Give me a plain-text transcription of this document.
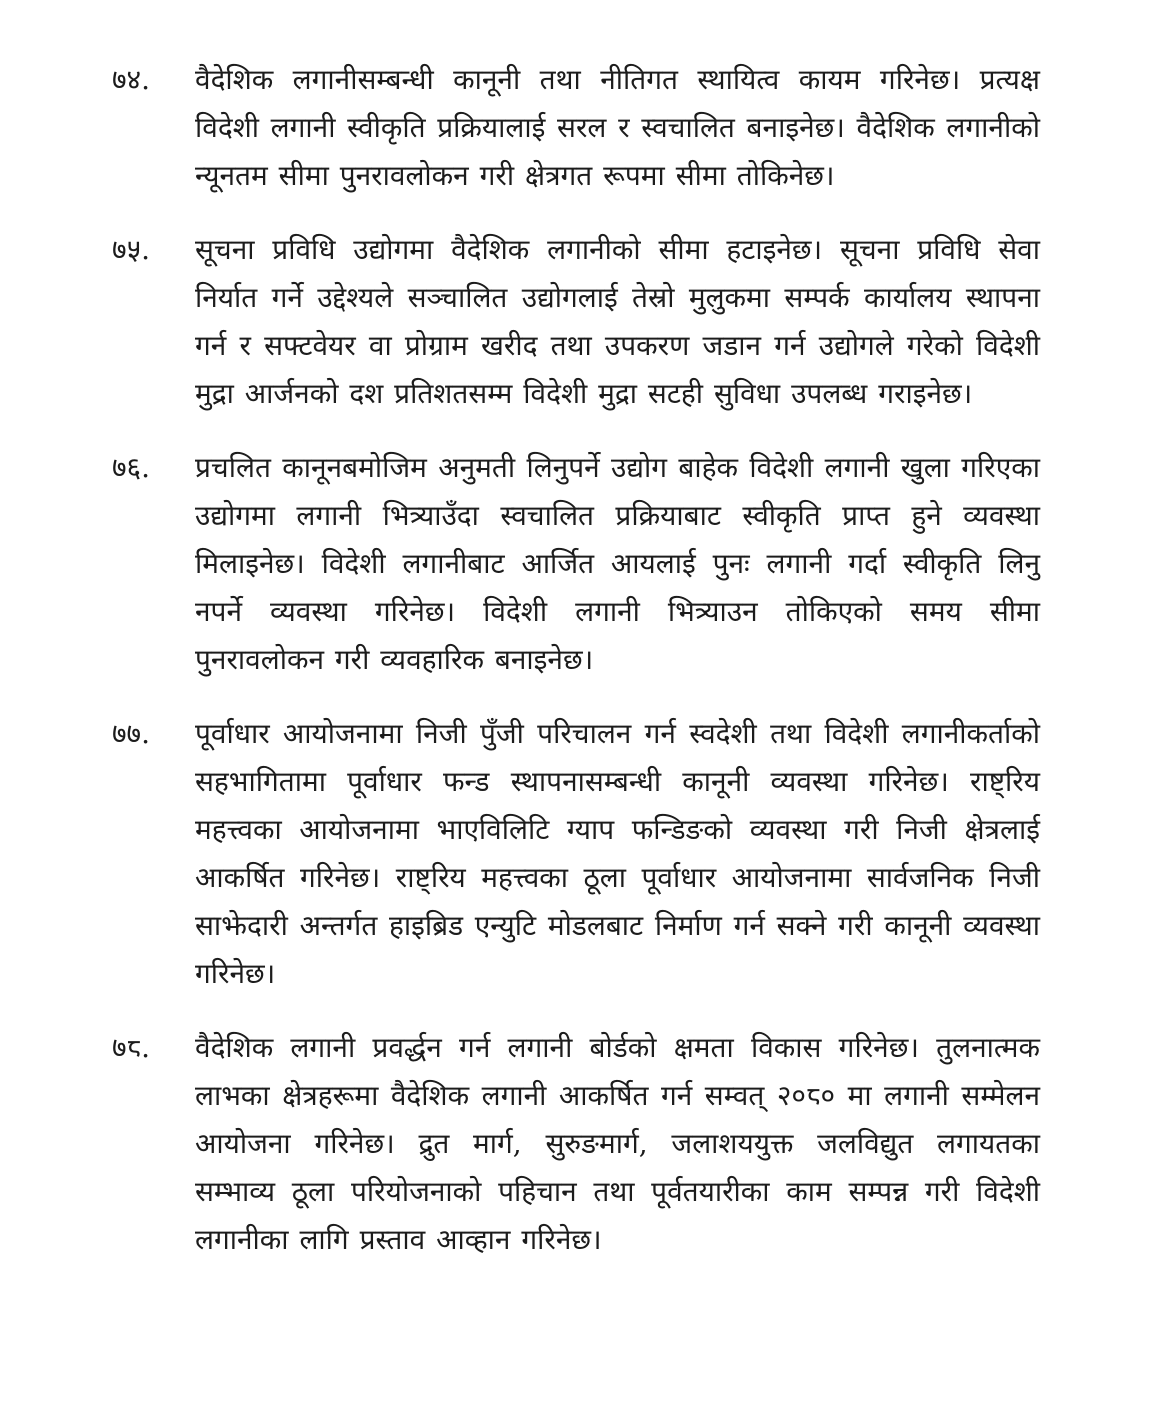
७४.	वैदेशिक लगानीसम्बन्धी कानूनी तथा नीतिगत स्थायित्व कायम गरिनेछ। प्रत्यक्ष विदेशी लगानी स्वीकृति प्रक्रियालाई सरल र स्वचालित बनाइनेछ। वैदेशिक लगानीको न्यूनतम सीमा पुनरावलोकन गरी क्षेत्रगत रूपमा सीमा तोकिनेछ।
७५.	सूचना प्रविधि उद्योगमा वैदेशिक लगानीको सीमा हटाइनेछ। सूचना प्रविधि सेवा निर्यात गर्ने उद्देश्यले सञ्चालित उद्योगलाई तेस्रो मुलुकमा सम्पर्क कार्यालय स्थापना गर्न र सफ्टवेयर वा प्रोग्राम खरीद तथा उपकरण जडान गर्न उद्योगले गरेको विदेशी मुद्रा आर्जनको दश प्रतिशतसम्म विदेशी मुद्रा सटही सुविधा उपलब्ध गराइनेछ।
७६.	प्रचलित कानूनबमोजिम अनुमती लिनुपर्ने उद्योग बाहेक विदेशी लगानी खुला गरिएका उद्योगमा लगानी भित्र्याउँदा स्वचालित प्रक्रियाबाट स्वीकृति प्राप्त हुने व्यवस्था मिलाइनेछ। विदेशी लगानीबाट आर्जित आयलाई पुनः लगानी गर्दा स्वीकृति लिनु नपर्ने व्यवस्था गरिनेछ। विदेशी लगानी भित्र्याउन तोकिएको समय सीमा पुनरावलोकन गरी व्यवहारिक बनाइनेछ।
७७.	पूर्वाधार आयोजनामा निजी पुँजी परिचालन गर्न स्वदेशी तथा विदेशी लगानीकर्ताको सहभागितामा पूर्वाधार फन्ड स्थापनासम्बन्धी कानूनी व्यवस्था गरिनेछ। राष्ट्रिय महत्त्वका आयोजनामा भाएविलिटि ग्याप फन्डिङको व्यवस्था गरी निजी क्षेत्रलाई आकर्षित गरिनेछ। राष्ट्रिय महत्त्वका ठूला पूर्वाधार आयोजनामा सार्वजनिक निजी साझेदारी अन्तर्गत हाइब्रिड एन्युटि मोडलबाट निर्माण गर्न सक्ने गरी कानूनी व्यवस्था गरिनेछ।
७८.	वैदेशिक लगानी प्रवर्द्धन गर्न लगानी बोर्डको क्षमता विकास गरिनेछ। तुलनात्मक लाभका क्षेत्रहरूमा वैदेशिक लगानी आकर्षित गर्न सम्वत् २०८० मा लगानी सम्मेलन आयोजना गरिनेछ। द्रुत मार्ग, सुरुङमार्ग, जलाशययुक्त जलविद्युत लगायतका सम्भाव्य ठूला परियोजनाको पहिचान तथा पूर्वतयारीका काम सम्पन्न गरी विदेशी लगानीका लागि प्रस्ताव आव्हान गरिनेछ।
